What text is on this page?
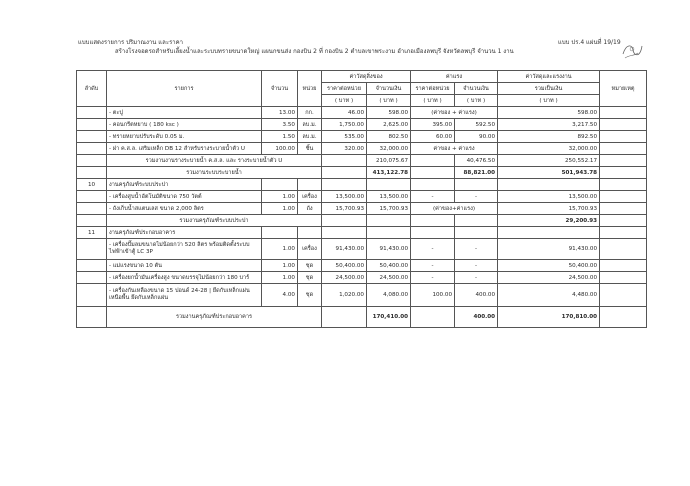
แบบแสดงรายการ ปริมาณงาน และราคา
สร้างโรงจอดรถสำหรับเลี้ยงน้ำและระบบทรายขนาดใหญ่ แผนกขนส่ง กองบิน 2 ที่ กองบิน 2 ตำบลเขาพระงาม อำเภอเมืองลพบุรี จังหวัดลพบุรี จำนวน 1 งาน
แบบ ปร.4 แผ่นที่ 19/19
ลำดับ	รายการ	จำนวน	หน่วย	ค่าวัสดุสิ่งของ		ค่าแรง		ค่าวัสดุและแรงงาน	หมายเหตุ
				ราคาต่อหน่วย	จำนวนเงิน	ราคาต่อหน่วย	จำนวนเงิน	รวมเป็นเงิน	
				( บาท )	( บาท )	( บาท )	( บาท )	( บาท )	
	- ตะปู	13.00	กก.	46.00	598.00	(ค่าของ + ค่าแรง)		598.00	
	- คอนกรีตหยาบ ( 180 ksc )	3.50	ลบ.ม.	1,750.00	2,625.00	395.00	592.50	3,217.50	
	- ทรายหยาบปรับระดับ 0.05 ม.	1.50	ลบ.ม.	535.00	802.50	60.00	90.00	892.50	
	- ฝา ค.ส.ล. เสริมเหล็ก DB 12 สำหรับรางระบายน้ำตัว U	100.00	ชิ้น	320.00	32,000.00	ค่าของ + ค่าแรง		32,000.00	
	รวมงานงานรางระบายน้ำ ค.ส.ล. และ รางระบายน้ำตัว U				210,075.67		40,476.50	250,552.17	
	รวมงานระบบระบายน้ำ				413,122.78		88,821.00	501,943.78	
10	งานครุภัณฑ์ระบบประปา								
	- เครื่องสูบน้ำอัตโนมัติขนาด 750 วัตต์	1.00	เครื่อง	13,500.00	13,500.00	-	-	13,500.00	
	- ถังเก็บน้ำสแตนเลส ขนาด 2,000 ลิตร	1.00	ถัง	15,700.93	15,700.93	(ค่าของ+ค่าแรง)		15,700.93	
	รวมงานครุภัณฑ์ระบบประปา							29,200.93	
11	งานครุภัณฑ์ประกอบอาคาร								
	- เครื่องปั๊มลมขนาดไม่น้อยกว่า 520 ลิตร พร้อมติดตั้งระบบไฟฟ้าเข้าตู้ LC 3P	1.00	เครื่อง	91,430.00	91,430.00	-	-	91,430.00	
	- แม่แรงขนาด 10 ตัน	1.00	ชุด	50,400.00	50,400.00	-	-	50,400.00	
	- เครื่องยกน้ำมันเครื่องสูง ขนาดบรรจุไม่น้อยกว่า 180 บาร์	1.00	ชุด	24,500.00	24,500.00	-	-	24,500.00	
	- เครื่องกันเหลืองขนาด 15 ปอนด์ 24-28 | ยึดกับเหล็กแผ่นเหนือพื้น ยึดกับเหล็กแผ่น	4.00	ชุด	1,020.00	4,080.00	100.00	400.00	4,480.00	
	รวมงานครุภัณฑ์ประกอบอาคาร				170,410.00		400.00	170,810.00	
